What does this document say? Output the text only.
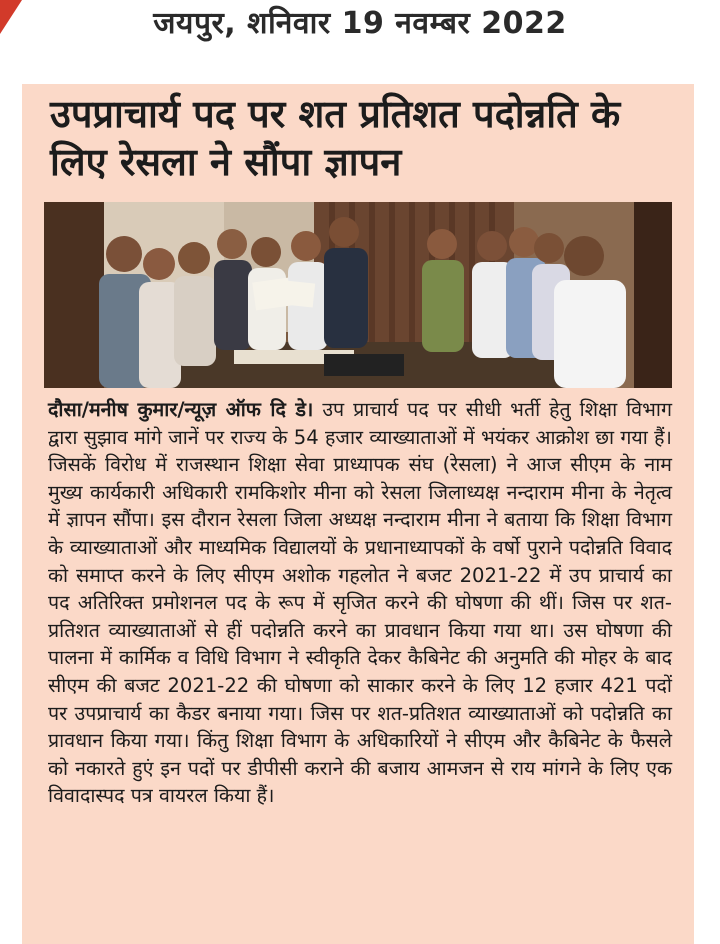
जयपुर, शनिवार 19 नवम्बर 2022
उपप्राचार्य पद पर शत प्रतिशत पदोन्नति के लिए रेसला ने सौंपा ज्ञापन

दौसा/मनीष कुमार/न्यूज़ ऑफ दि डे। उप प्राचार्य पद पर सीधी भर्ती हेतु शिक्षा विभाग द्वारा सुझाव मांगे जानें पर राज्य के 54 हजार व्याख्याताओं में भयंकर आक्रोश छा गया हैं। जिसकें विरोध में राजस्थान शिक्षा सेवा प्राध्यापक संघ (रेसला) ने आज सीएम के नाम मुख्य कार्यकारी अधिकारी रामकिशोर मीना को रेसला जिलाध्यक्ष नन्दाराम मीना के नेतृत्व में ज्ञापन सौंपा। इस दौरान रेसला जिला अध्यक्ष नन्दाराम मीना ने बताया कि शिक्षा विभाग के व्याख्याताओं और माध्यमिक विद्यालयों के प्रधानाध्यापकों के वर्षो पुराने पदोन्नति विवाद को समाप्त करने के लिए सीएम अशोक गहलोत ने बजट 2021-22 में उप प्राचार्य का पद अतिरिक्त प्रमोशनल पद के रूप में सृजित करने की घोषणा की थीं। जिस पर शत-प्रतिशत व्याख्याताओं से हीं पदोन्नति करने का प्रावधान किया गया था। उस घोषणा की पालना में कार्मिक व विधि विभाग ने स्वीकृति देकर कैबिनेट की अनुमति की मोहर के बाद सीएम की बजट 2021-22 की घोषणा को साकार करने के लिए 12 हजार 421 पदों पर उपप्राचार्य का कैडर बनाया गया। जिस पर शत-प्रतिशत व्याख्याताओं को पदोन्नति का प्रावधान किया गया। किंतु शिक्षा विभाग के अधिकारियों ने सीएम और कैबिनेट के फैसले को नकारते हुएं इन पदों पर डीपीसी कराने की बजाय आमजन से राय मांगने के लिए एक विवादास्पद पत्र वायरल किया हैं।
